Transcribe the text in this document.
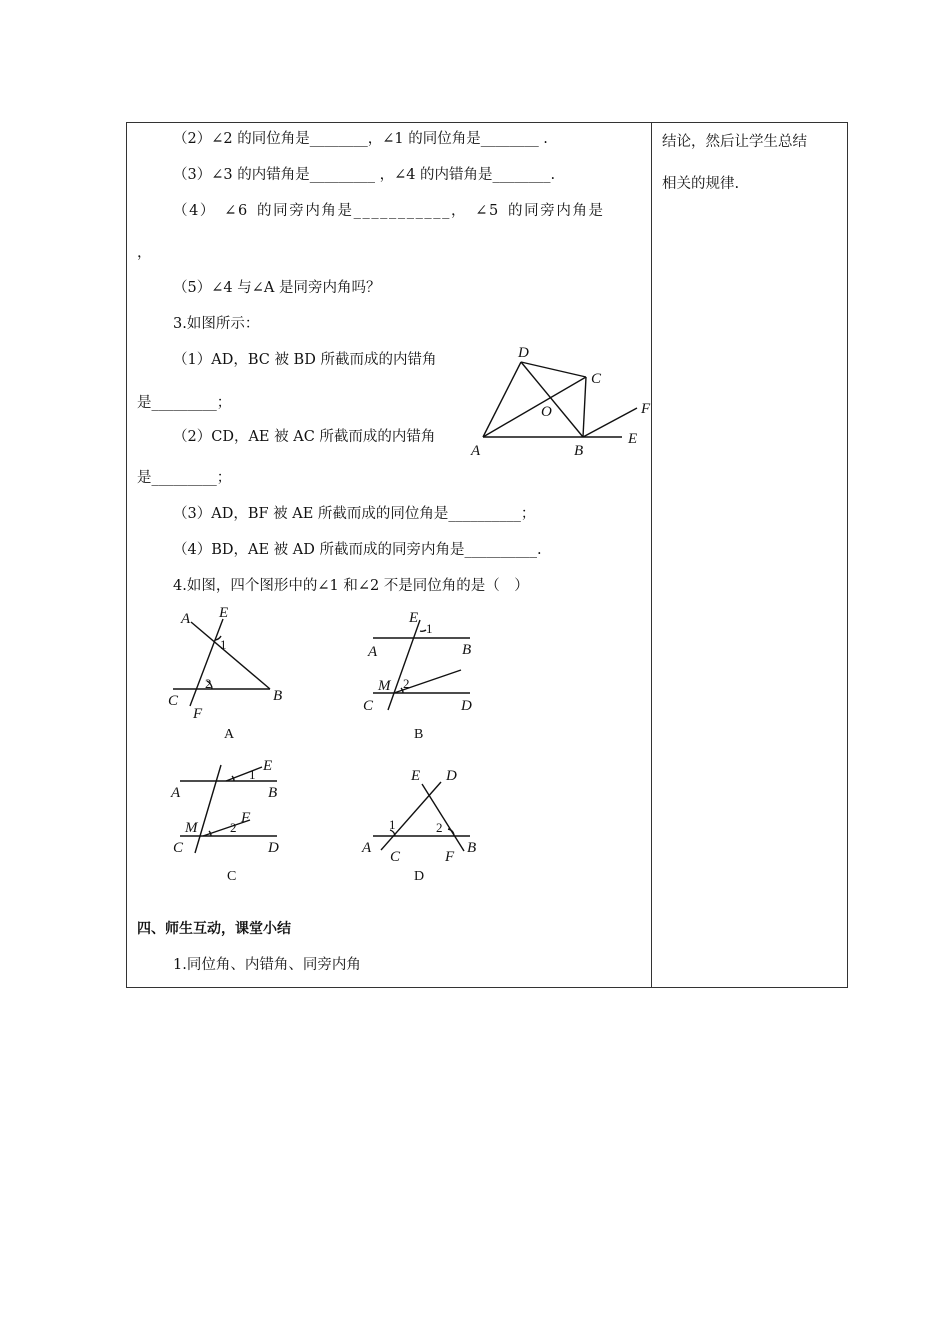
（2）∠2 的同位角是________，∠1 的同位角是________ .
（3）∠3 的内错角是_________ ，∠4 的内错角是________.
（4） ∠6 的同旁内角是___________， ∠5 的同旁内角是
，
（5）∠4 与∠A 是同旁内角吗？
3.如图所示：
（1）AD，BC 被 BD 所截而成的内错角
是_________；
（2）CD，AE 被 AC 所截而成的内错角
是_________；
（3）AD，BF 被 AE 所截而成的同位角是__________；
（4）BD，AE 被 AD 所截而成的同旁内角是__________.
4.如图，四个图形中的∠1 和∠2 不是同位角的是（　）
四、师生互动，课堂小结
1.同位角、内错角、同旁内角
结论，然后让学生总结
相关的规律.
D
C
O	F
E
A	B
A E
1
2
C
F
B
A
E
1
A	B
M 2
C	D
B
E
1
A	B
M
F
2
C	D
C
E D
1	2
A
C	F
B
D
